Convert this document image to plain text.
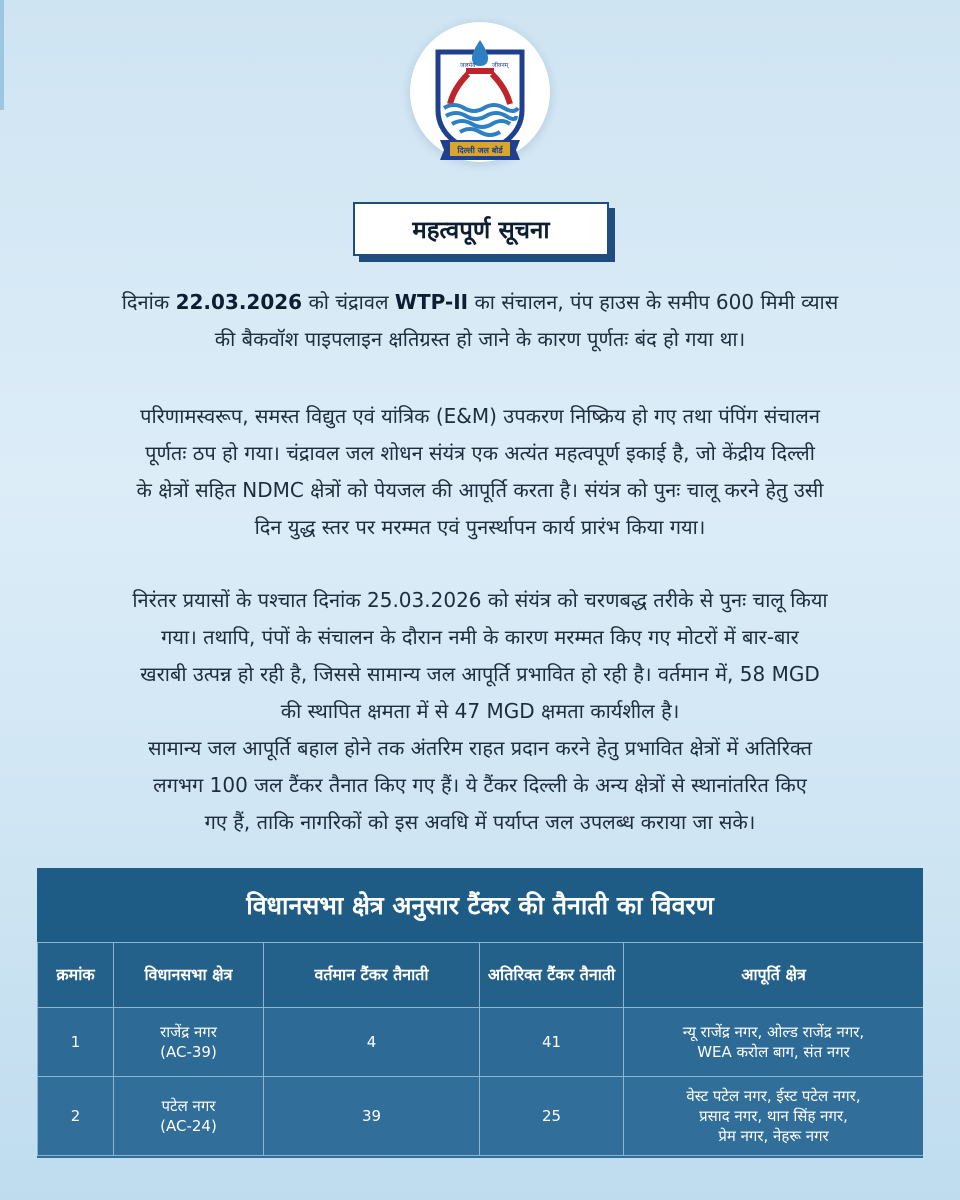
जलमेव	जीवनम्
दिल्ली जल बोर्ड
महत्वपूर्ण सूचना
दिनांक 22.03.2026 को चंद्रावल WTP-II का संचालन, पंप हाउस के समीप 600 मिमी व्यास
की बैकवॉश पाइपलाइन क्षतिग्रस्त हो जाने के कारण पूर्णतः बंद हो गया था।
परिणामस्वरूप, समस्त विद्युत एवं यांत्रिक (E&M) उपकरण निष्क्रिय हो गए तथा पंपिंग संचालन
पूर्णतः ठप हो गया। चंद्रावल जल शोधन संयंत्र एक अत्यंत महत्वपूर्ण इकाई है, जो केंद्रीय दिल्ली
के क्षेत्रों सहित NDMC क्षेत्रों को पेयजल की आपूर्ति करता है। संयंत्र को पुनः चालू करने हेतु उसी
दिन युद्ध स्तर पर मरम्मत एवं पुनर्स्थापन कार्य प्रारंभ किया गया।
निरंतर प्रयासों के पश्चात दिनांक 25.03.2026 को संयंत्र को चरणबद्ध तरीके से पुनः चालू किया
गया। तथापि, पंपों के संचालन के दौरान नमी के कारण मरम्मत किए गए मोटरों में बार-बार
खराबी उत्पन्न हो रही है, जिससे सामान्य जल आपूर्ति प्रभावित हो रही है। वर्तमान में, 58 MGD
की स्थापित क्षमता में से 47 MGD क्षमता कार्यशील है।
सामान्य जल आपूर्ति बहाल होने तक अंतरिम राहत प्रदान करने हेतु प्रभावित क्षेत्रों में अतिरिक्त
लगभग 100 जल टैंकर तैनात किए गए हैं। ये टैंकर दिल्ली के अन्य क्षेत्रों से स्थानांतरित किए
गए हैं, ताकि नागरिकों को इस अवधि में पर्याप्त जल उपलब्ध कराया जा सके।
विधानसभा क्षेत्र अनुसार टैंकर की तैनाती का विवरण
क्रमांक	विधानसभा क्षेत्र	वर्तमान टैंकर तैनाती	अतिरिक्त टैंकर तैनाती	आपूर्ति क्षेत्र
1	राजेंद्र नगर
(AC-39)	4	41	न्यू राजेंद्र नगर, ओल्ड राजेंद्र नगर,
WEA करोल बाग, संत नगर
2	पटेल नगर
(AC-24)	39	25	वेस्ट पटेल नगर, ईस्ट पटेल नगर,
प्रसाद नगर, थान सिंह नगर,
प्रेम नगर, नेहरू नगर
